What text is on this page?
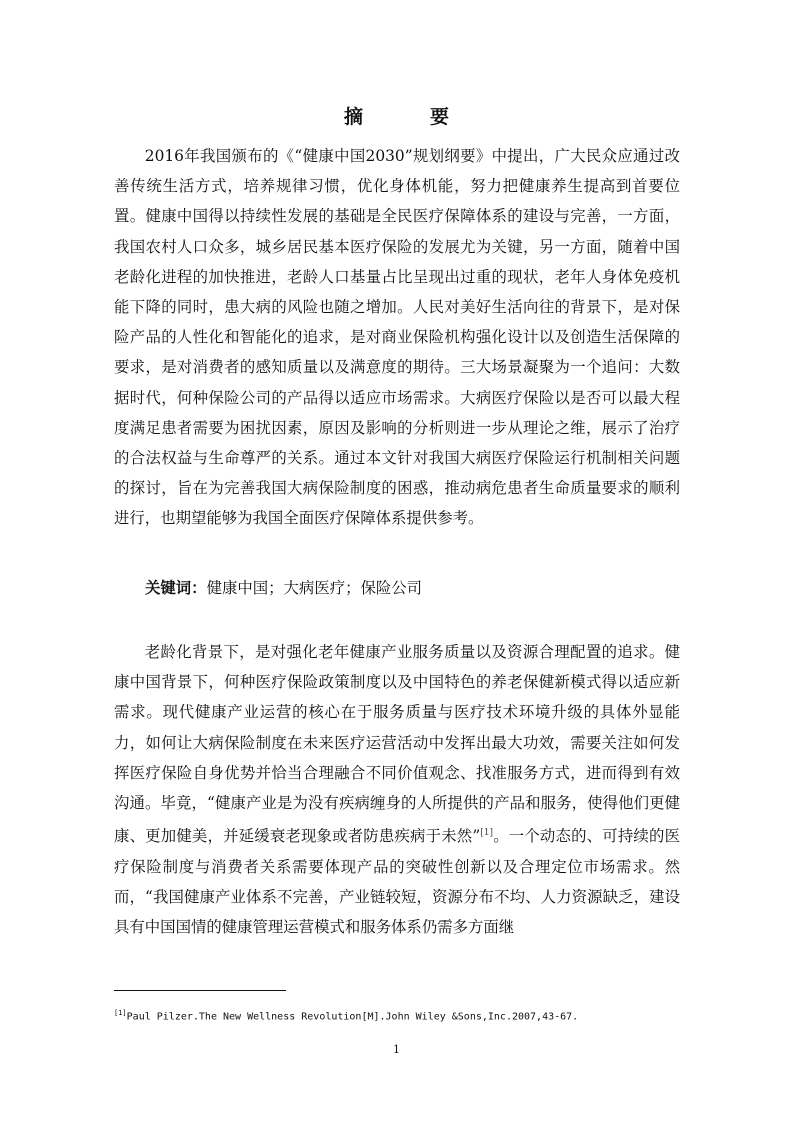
摘　要

2016年我国颁布的《“健康中国2030”规划纲要》中提出，广大民众应通过改善传统生活方式，培养规律习惯，优化身体机能，努力把健康养生提高到首要位置。健康中国得以持续性发展的基础是全民医疗保障体系的建设与完善，一方面，我国农村人口众多，城乡居民基本医疗保险的发展尤为关键，另一方面，随着中国老龄化进程的加快推进，老龄人口基量占比呈现出过重的现状，老年人身体免疫机能下降的同时，患大病的风险也随之增加。人民对美好生活向往的背景下，是对保险产品的人性化和智能化的追求，是对商业保险机构强化设计以及创造生活保障的要求，是对消费者的感知质量以及满意度的期待。三大场景凝聚为一个追问：大数据时代，何种保险公司的产品得以适应市场需求。大病医疗保险以是否可以最大程度满足患者需要为困扰因素，原因及影响的分析则进一步从理论之维，展示了治疗的合法权益与生命尊严的关系。通过本文针对我国大病医疗保险运行机制相关问题的探讨，旨在为完善我国大病保险制度的困惑，推动病危患者生命质量要求的顺利进行，也期望能够为我国全面医疗保障体系提供参考。

关键词：健康中国；大病医疗；保险公司

老龄化背景下，是对强化老年健康产业服务质量以及资源合理配置的追求。健康中国背景下，何种医疗保险政策制度以及中国特色的养老保健新模式得以适应新需求。现代健康产业运营的核心在于服务质量与医疗技术环境升级的具体外显能力，如何让大病保险制度在未来医疗运营活动中发挥出最大功效，需要关注如何发挥医疗保险自身优势并恰当合理融合不同价值观念、找准服务方式，进而得到有效沟通。毕竟，“健康产业是为没有疾病缠身的人所提供的产品和服务，使得他们更健康、更加健美，并延缓衰老现象或者防患疾病于未然”[1]。一个动态的、可持续的医疗保险制度与消费者关系需要体现产品的突破性创新以及合理定位市场需求。然而，“我国健康产业体系不完善，产业链较短，资源分布不均、人力资源缺乏，建设具有中国国情的健康管理运营模式和服务体系仍需多方面继

[1]Paul Pilzer.The New Wellness Revolution[M].John Wiley &Sons,Inc.2007,43-67.

1
